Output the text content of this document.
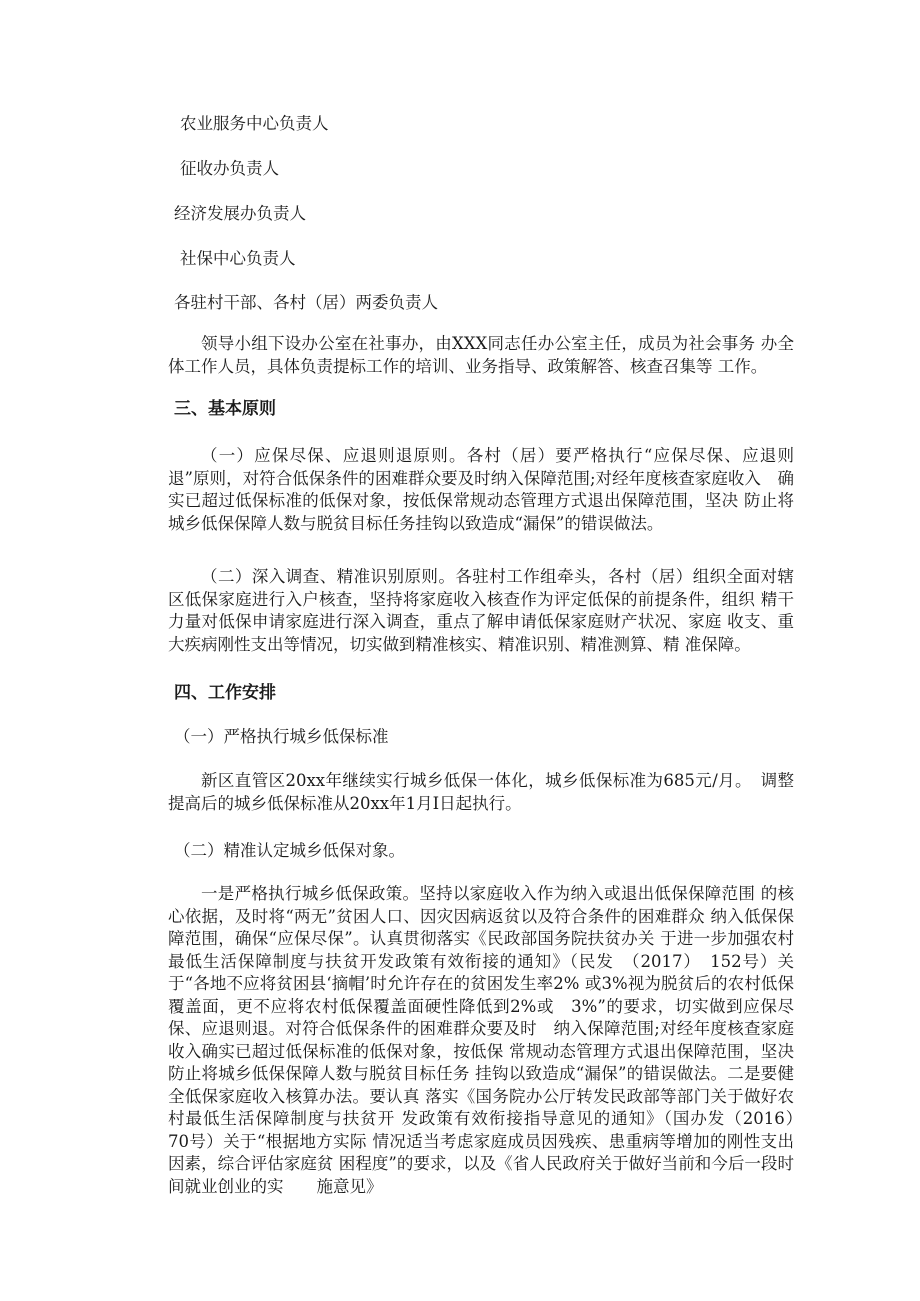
农业服务中心负责人

征收办负责人

经济发展办负责人

社保中心负责人

各驻村干部、各村（居）两委负责人

领导小组下设办公室在社事办，由XXX同志任办公室主任，成员为社会事务 办全体工作人员，具体负责提标工作的培训、业务指导、政策解答、核查召集等 工作。

三、基本原则

（一）应保尽保、应退则退原则。各村（居）要严格执行“应保尽保、应退则退”原则，对符合低保条件的困难群众要及时纳入保障范围;对经年度核查家庭收入　确实已超过低保标准的低保对象，按低保常规动态管理方式退出保障范围，坚决 防止将城乡低保保障人数与脱贫目标任务挂钩以致造成“漏保”的错误做法。

（二）深入调查、精准识别原则。各驻村工作组牵头，各村（居）组织全面对辖 区低保家庭进行入户核查，坚持将家庭收入核查作为评定低保的前提条件，组织 精干力量对低保申请家庭进行深入调查，重点了解申请低保家庭财产状况、家庭 收支、重大疾病刚性支出等情况，切实做到精准核实、精准识别、精准测算、精 准保障。

四、工作安排

（一）严格执行城乡低保标准

新区直管区20xx年继续实行城乡低保一体化，城乡低保标准为685元/月。　调整提高后的城乡低保标准从20xx年1月I日起执行。

（二）精准认定城乡低保对象。

一是严格执行城乡低保政策。坚持以家庭收入作为纳入或退出低保保障范围 的核心依据，及时将“两无”贫困人口、因灾因病返贫以及符合条件的困难群众 纳入低保保障范围，确保“应保尽保”。认真贯彻落实《民政部国务院扶贫办关 于进一步加强农村最低生活保障制度与扶贫开发政策有效衔接的通知》（民发　（2017）　152号）关于“各地不应将贫困县‘摘帽’时允许存在的贫困发生率2% 或3%视为脱贫后的农村低保覆盖面，更不应将农村低保覆盖面硬性降低到2%或　3%”的要求，切实做到应保尽保、应退则退。对符合低保条件的困难群众要及时　纳入保障范围;对经年度核查家庭收入确实已超过低保标准的低保对象，按低保 常规动态管理方式退出保障范围，坚决防止将城乡低保保障人数与脱贫目标任务 挂钩以致造成“漏保”的错误做法。二是要健全低保家庭收入核算办法。要认真 落实《国务院办公厅转发民政部等部门关于做好农村最低生活保障制度与扶贫开 发政策有效衔接指导意见的通知》（国办发（2016）　70号）关于“根据地方实际 情况适当考虑家庭成员因残疾、患重病等增加的刚性支出因素，综合评估家庭贫 困程度”的要求，以及《省人民政府关于做好当前和今后一段时间就业创业的实　　施意见》
